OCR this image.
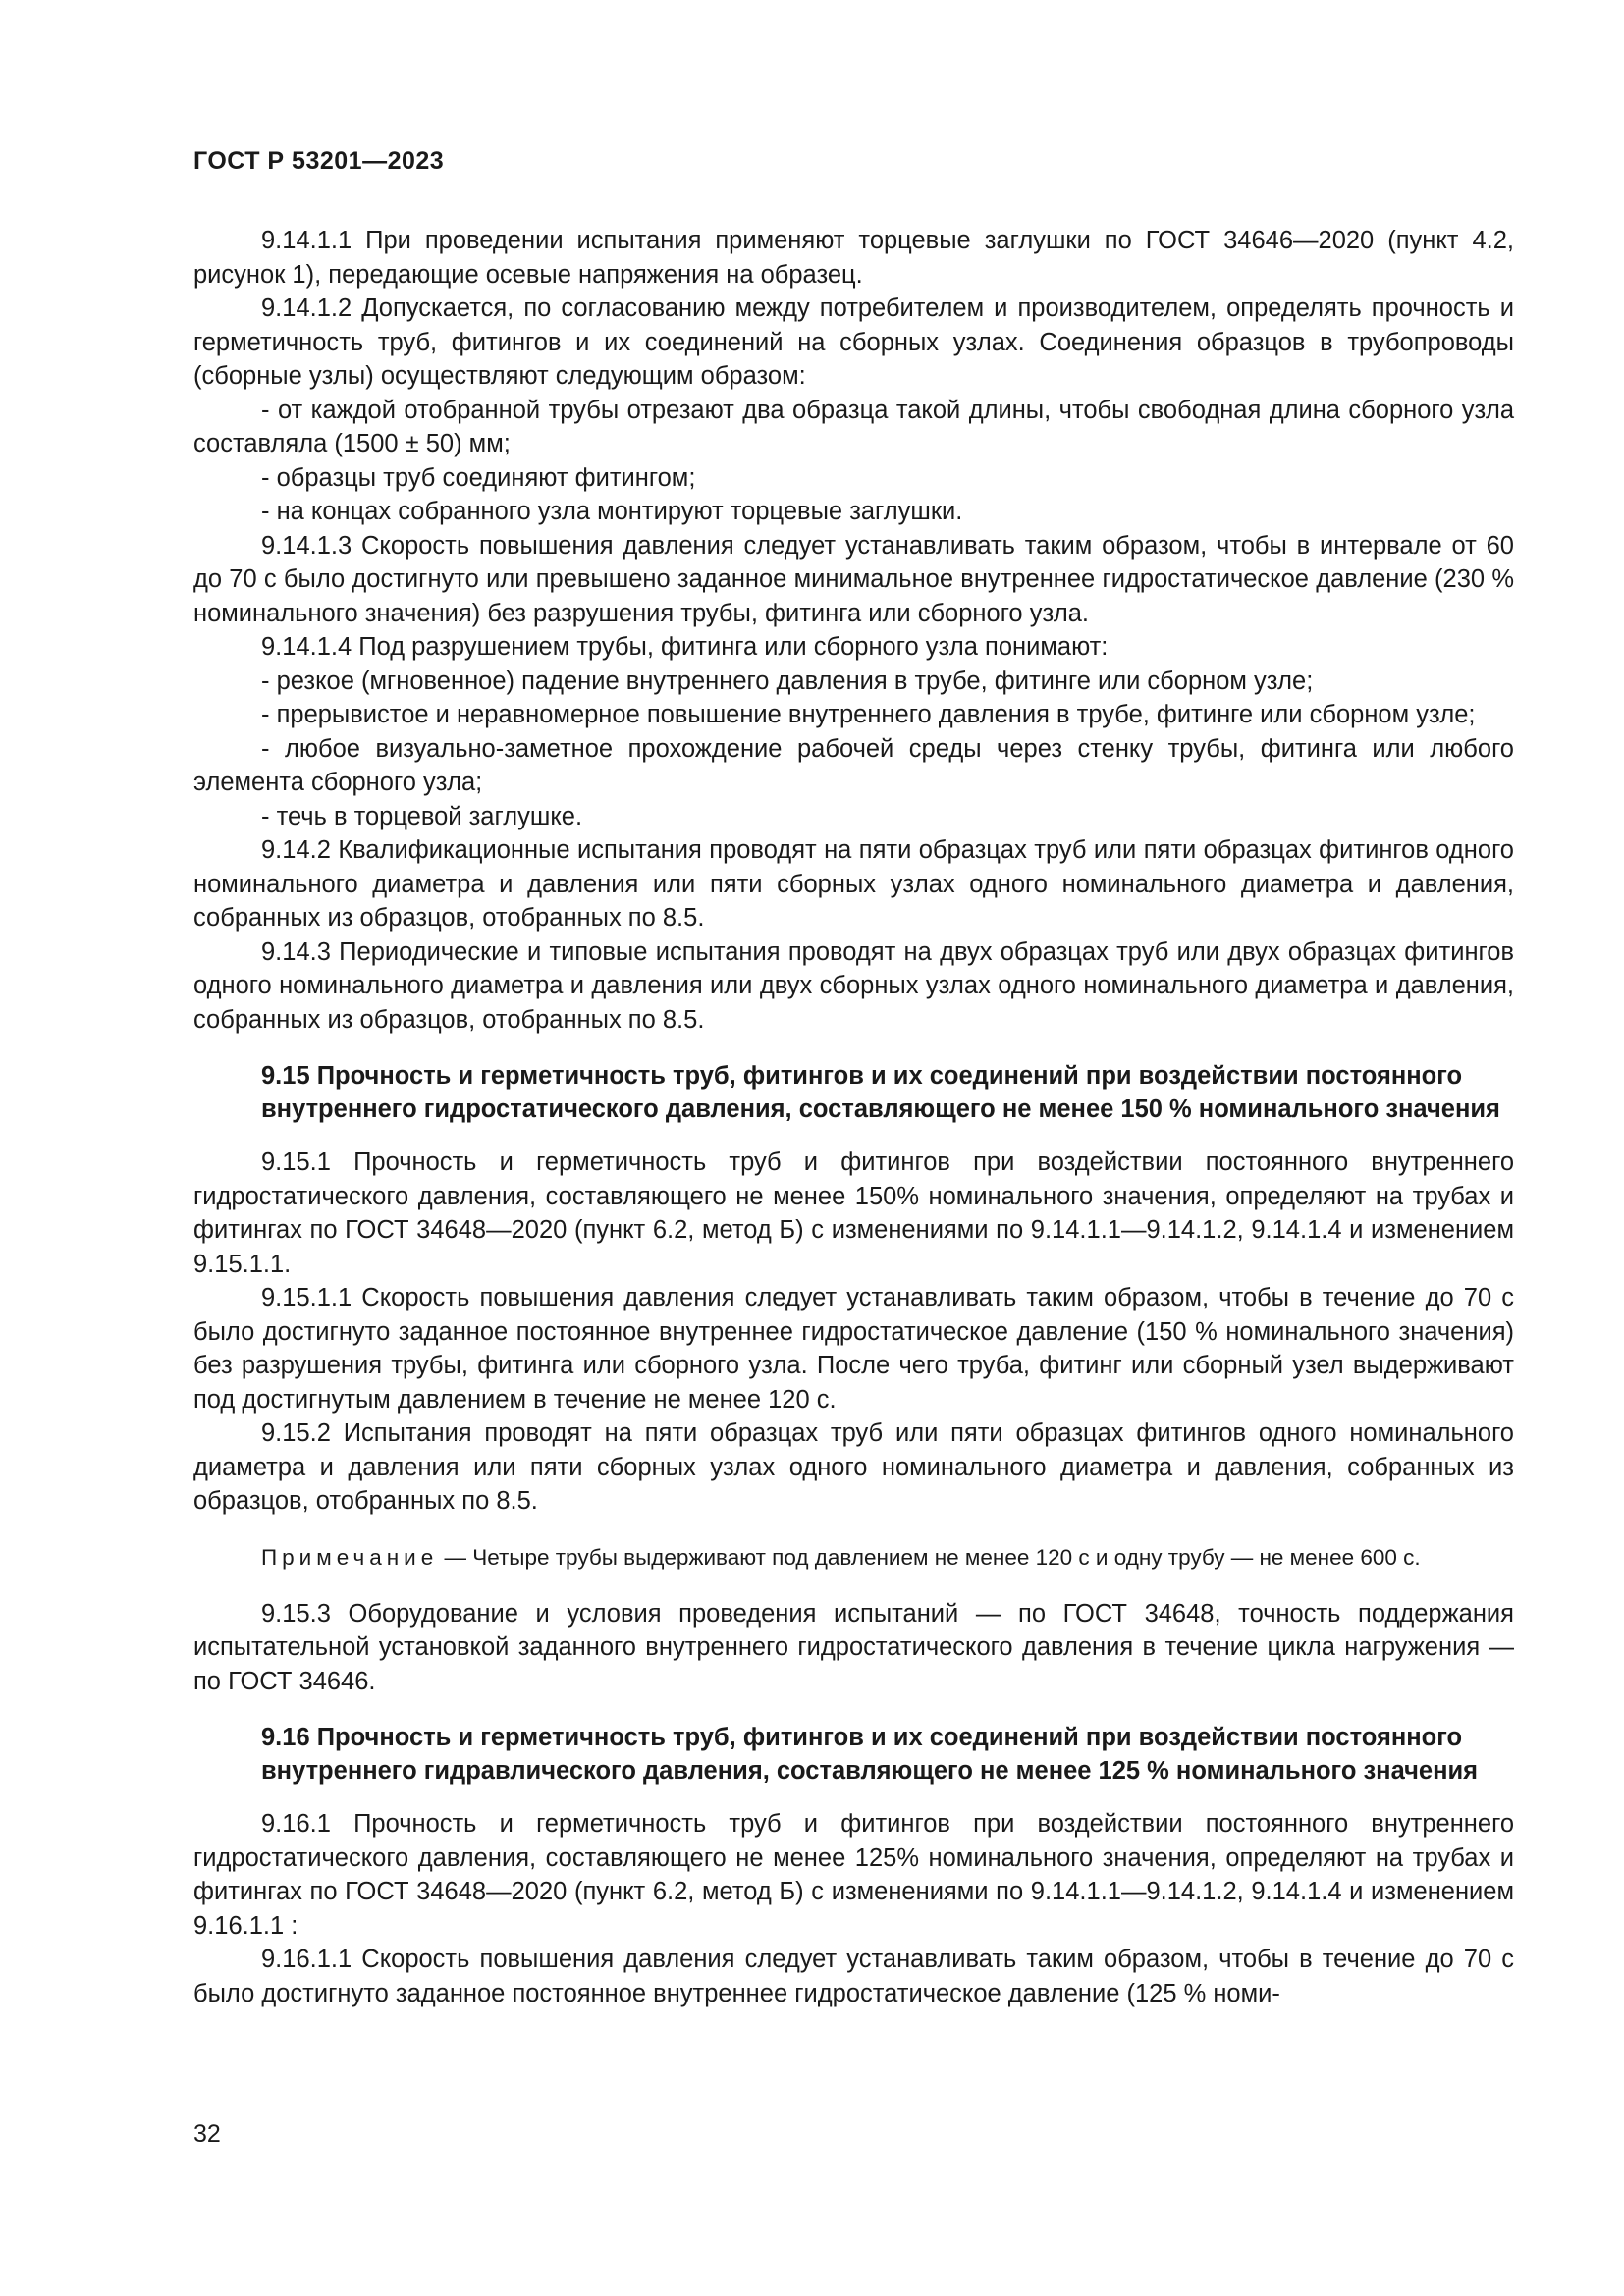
ГОСТ Р 53201—2023

9.14.1.1 При проведении испытания применяют торцевые заглушки по ГОСТ 34646—2020 (пункт 4.2, рисунок 1), передающие осевые напряжения на образец.

9.14.1.2 Допускается, по согласованию между потребителем и производителем, определять прочность и герметичность труб, фитингов и их соединений на сборных узлах. Соединения образцов в трубопроводы (сборные узлы) осуществляют следующим образом:

- от каждой отобранной трубы отрезают два образца такой длины, чтобы свободная длина сборного узла составляла (1500 ± 50) мм;

- образцы труб соединяют фитингом;

- на концах собранного узла монтируют торцевые заглушки.

9.14.1.3 Скорость повышения давления следует устанавливать таким образом, чтобы в интервале от 60 до 70 с было достигнуто или превышено заданное минимальное внутреннее гидростатическое давление (230 % номинального значения) без разрушения трубы, фитинга или сборного узла.

9.14.1.4 Под разрушением трубы, фитинга или сборного узла понимают:

- резкое (мгновенное) падение внутреннего давления в трубе, фитинге или сборном узле;

- прерывистое и неравномерное повышение внутреннего давления в трубе, фитинге или сборном узле;

- любое визуально-заметное прохождение рабочей среды через стенку трубы, фитинга или любого элемента сборного узла;

- течь в торцевой заглушке.

9.14.2 Квалификационные испытания проводят на пяти образцах труб или пяти образцах фитингов одного номинального диаметра и давления или пяти сборных узлах одного номинального диаметра и давления, собранных из образцов, отобранных по 8.5.

9.14.3 Периодические и типовые испытания проводят на двух образцах труб или двух образцах фитингов одного номинального диаметра и давления или двух сборных узлах одного номинального диаметра и давления, собранных из образцов, отобранных по 8.5.

9.15 Прочность и герметичность труб, фитингов и их соединений при воздействии постоянного внутреннего гидростатического давления, составляющего не менее 150 % номинального значения

9.15.1 Прочность и герметичность труб и фитингов при воздействии постоянного внутреннего гидростатического давления, составляющего не менее 150% номинального значения, определяют на трубах и фитингах по ГОСТ 34648—2020 (пункт 6.2, метод Б) с изменениями по 9.14.1.1—9.14.1.2, 9.14.1.4 и изменением 9.15.1.1.

9.15.1.1 Скорость повышения давления следует устанавливать таким образом, чтобы в течение до 70 с было достигнуто заданное постоянное внутреннее гидростатическое давление (150 % номинального значения) без разрушения трубы, фитинга или сборного узла. После чего труба, фитинг или сборный узел выдерживают под достигнутым давлением в течение не менее 120 с.

9.15.2 Испытания проводят на пяти образцах труб или пяти образцах фитингов одного номинального диаметра и давления или пяти сборных узлах одного номинального диаметра и давления, собранных из образцов, отобранных по 8.5.

Примечание — Четыре трубы выдерживают под давлением не менее 120 с и одну трубу — не менее 600 с.

9.15.3 Оборудование и условия проведения испытаний — по ГОСТ 34648, точность поддержания испытательной установкой заданного внутреннего гидростатического давления в течение цикла нагружения — по ГОСТ 34646.

9.16 Прочность и герметичность труб, фитингов и их соединений при воздействии постоянного внутреннего гидравлического давления, составляющего не менее 125 % номинального значения

9.16.1 Прочность и герметичность труб и фитингов при воздействии постоянного внутреннего гидростатического давления, составляющего не менее 125% номинального значения, определяют на трубах и фитингах по ГОСТ 34648—2020 (пункт 6.2, метод Б) с изменениями по 9.14.1.1—9.14.1.2, 9.14.1.4 и изменением 9.16.1.1 :

9.16.1.1 Скорость повышения давления следует устанавливать таким образом, чтобы в течение до 70 с было достигнуто заданное постоянное внутреннее гидростатическое давление (125 % номи-

32
